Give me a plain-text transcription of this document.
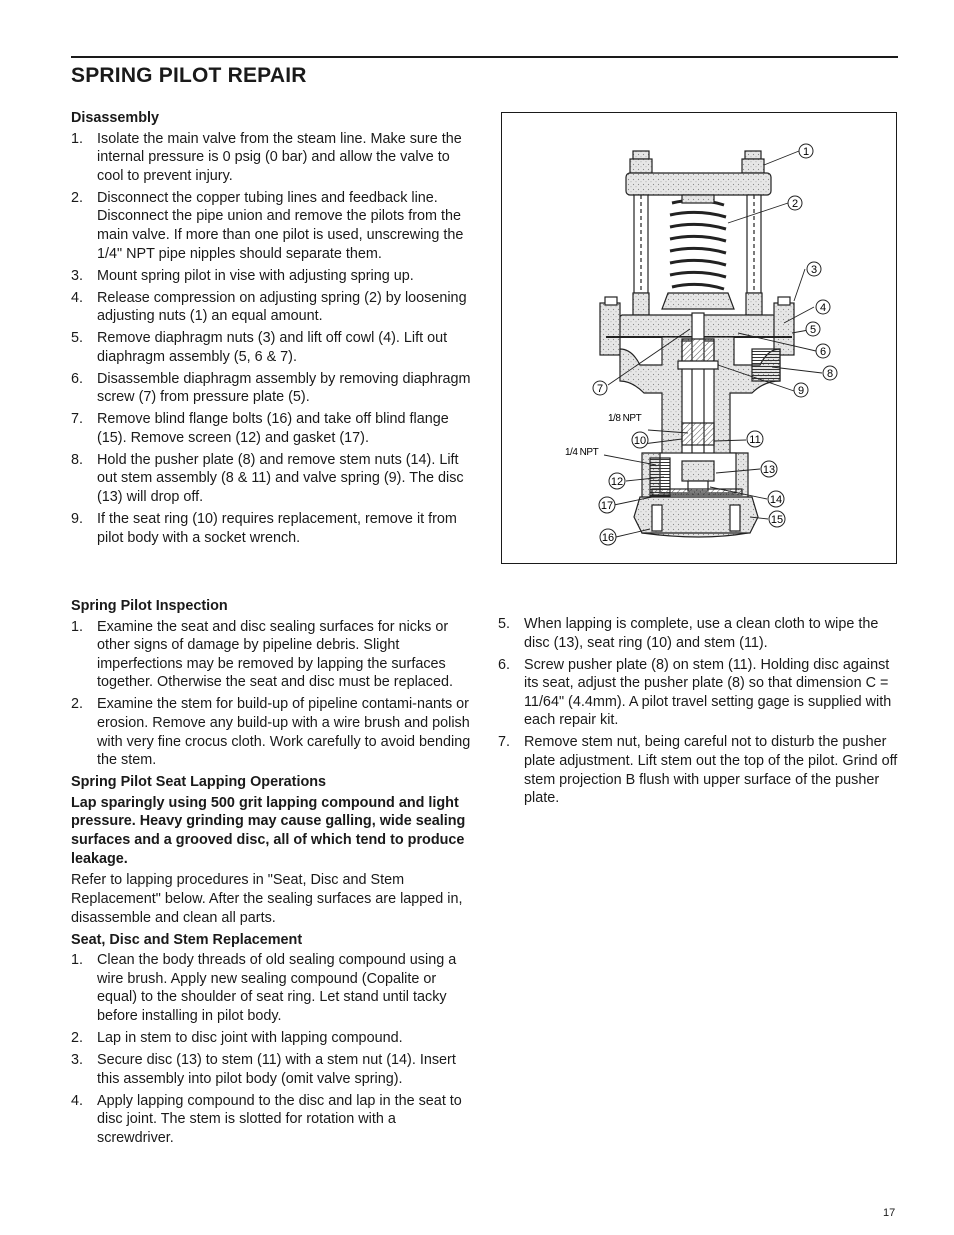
SPRING PILOT REPAIR
Disassembly
1. Isolate the main valve from the steam line. Make sure the internal pressure is 0 psig (0 bar) and allow the valve to cool to prevent injury.
2. Disconnect the copper tubing lines and feedback line. Disconnect the pipe union and remove the pilots from the main valve. If more than one pilot is used, unscrewing the 1/4" NPT pipe nipples should separate them.
3. Mount spring pilot in vise with adjusting spring up.
4. Release compression on adjusting spring (2) by loosening adjusting nuts (1) an equal amount.
5. Remove diaphragm nuts (3) and lift off cowl (4). Lift out diaphragm assembly (5, 6 & 7).
6. Disassemble diaphragm assembly by removing diaphragm screw (7) from pressure plate (5).
7. Remove blind flange bolts (16) and take off blind flange (15). Remove screen (12) and gasket (17).
8. Hold the pusher plate (8) and remove stem nuts (14). Lift out stem assembly (8 & 11) and valve spring (9). The disc (13) will drop off.
9. If the seat ring (10) requires replacement, remove it from pilot body with a socket wrench.
1
2
3
4
5
6
8
9
7
10	11
12
13
14
15
17
16
1/8 NPT
1/4 NPT
Spring Pilot Inspection
1. Examine the seat and disc sealing surfaces for nicks or other signs of damage by pipeline debris. Slight imperfections may be removed by lapping the surfaces together. Otherwise the seat and disc must be replaced.
2. Examine the stem for build-up of pipeline contami-nants or erosion. Remove any build-up with a wire brush and polish with very fine crocus cloth. Work carefully to avoid bending the stem.
Spring Pilot Seat Lapping Operations

Lap sparingly using 500 grit lapping compound and light pressure. Heavy grinding may cause galling, wide sealing surfaces and a grooved disc, all of which tend to produce leakage.

Refer to lapping procedures in "Seat, Disc and Stem Replacement" below. After the sealing surfaces are lapped in, disassemble and clean all parts.

Seat, Disc and Stem Replacement
1. Clean the body threads of old sealing compound using a wire brush. Apply new sealing compound (Copalite or equal) to the shoulder of seat ring. Let stand until tacky before installing in pilot body.
2. Lap in stem to disc joint with lapping compound.
3. Secure disc (13) to stem (11) with a stem nut (14). Insert this assembly into pilot body (omit valve spring).
4. Apply lapping compound to the disc and lap in the seat to disc joint. The stem is slotted for rotation with a screwdriver.
5. When lapping is complete, use a clean cloth to wipe the disc (13), seat ring (10) and stem (11).
6. Screw pusher plate (8) on stem (11). Holding disc against its seat, adjust the pusher plate (8) so that dimension C = 11/64" (4.4mm). A pilot travel setting gage is supplied with each repair kit.
7. Remove stem nut, being careful not to disturb the pusher plate adjustment. Lift stem out the top of the pilot. Grind off stem projection B flush with upper surface of the pusher plate.
17
